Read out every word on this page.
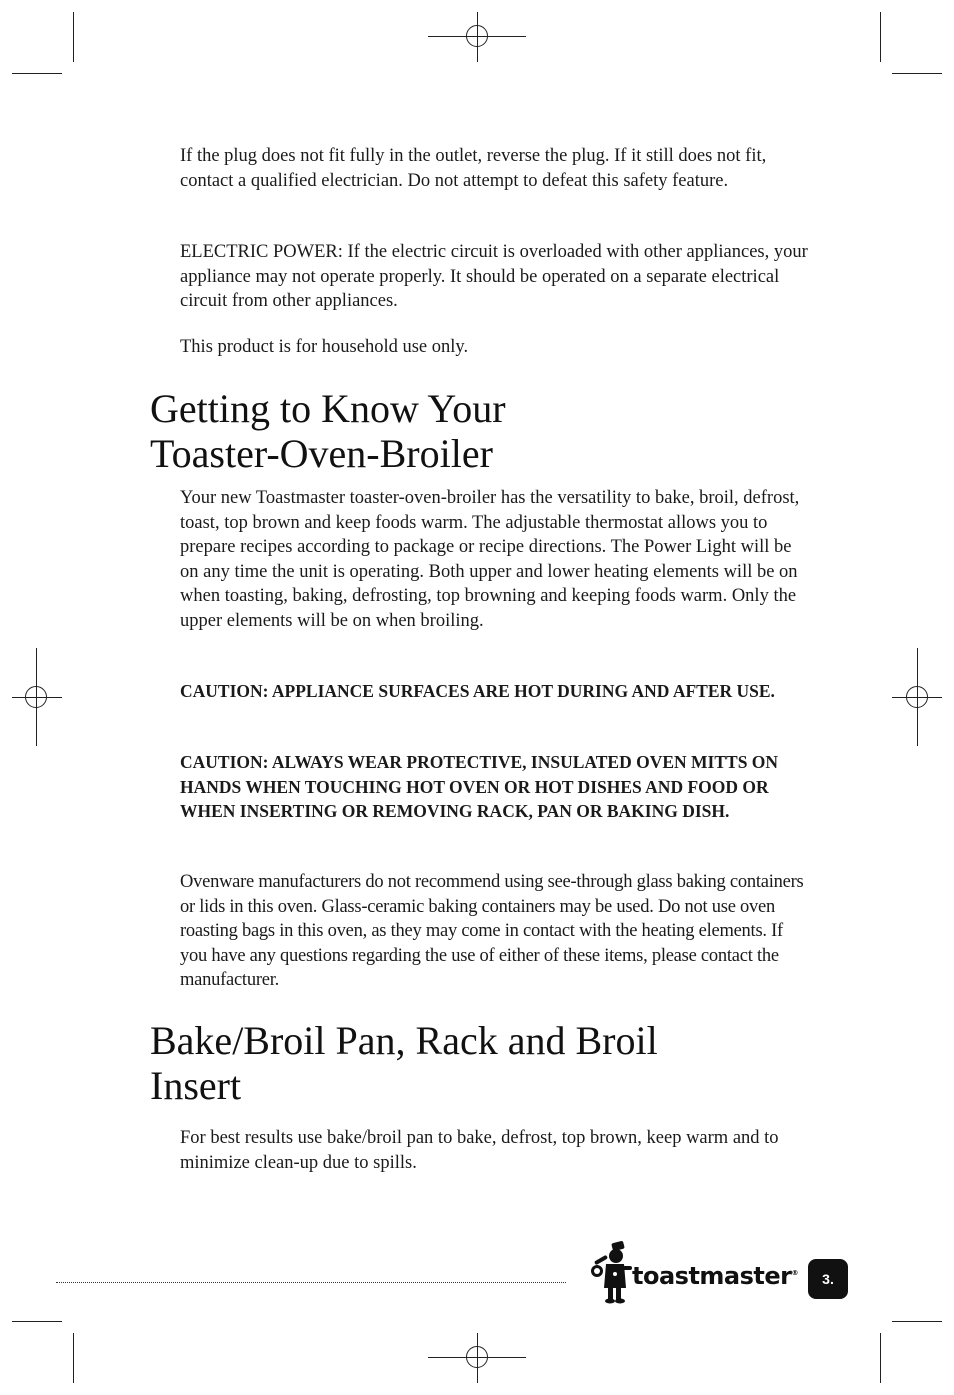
If the plug does not fit fully in the outlet, reverse the plug. If it still does not fit, contact a qualified electrician. Do not attempt to defeat this safety feature.

ELECTRIC POWER: If the electric circuit is overloaded with other appliances, your appliance may not operate properly. It should be operated on a separate electrical circuit from other appliances.

This product is for household use only.

Getting to Know Your
Toaster-Oven-Broiler

Your new Toastmaster toaster-oven-broiler has the versatility to bake, broil, defrost, toast, top brown and keep foods warm. The adjustable thermostat allows you to prepare recipes according to package or recipe directions. The Power Light will be on any time the unit is operating. Both upper and lower heating elements will be on when toasting, baking, defrosting, top browning and keeping foods warm. Only the upper elements will be on when broiling.

CAUTION: APPLIANCE SURFACES ARE HOT DURING AND AFTER USE.

CAUTION: ALWAYS WEAR PROTECTIVE, INSULATED OVEN MITTS ON HANDS WHEN TOUCHING HOT OVEN OR HOT DISHES AND FOOD OR WHEN INSERTING OR REMOVING RACK, PAN OR BAKING DISH.

Ovenware manufacturers do not recommend using see-through glass baking containers or lids in this oven. Glass-ceramic baking containers may be used. Do not use oven roasting bags in this oven, as they may come in contact with the heating elements. If you have any questions regarding the use of either of these items, please contact the manufacturer.

Bake/Broil Pan, Rack and Broil
Insert

For best results use bake/broil pan to bake, defrost, top brown, keep warm and to minimize clean-up due to spills.

toastmaster®	3.
